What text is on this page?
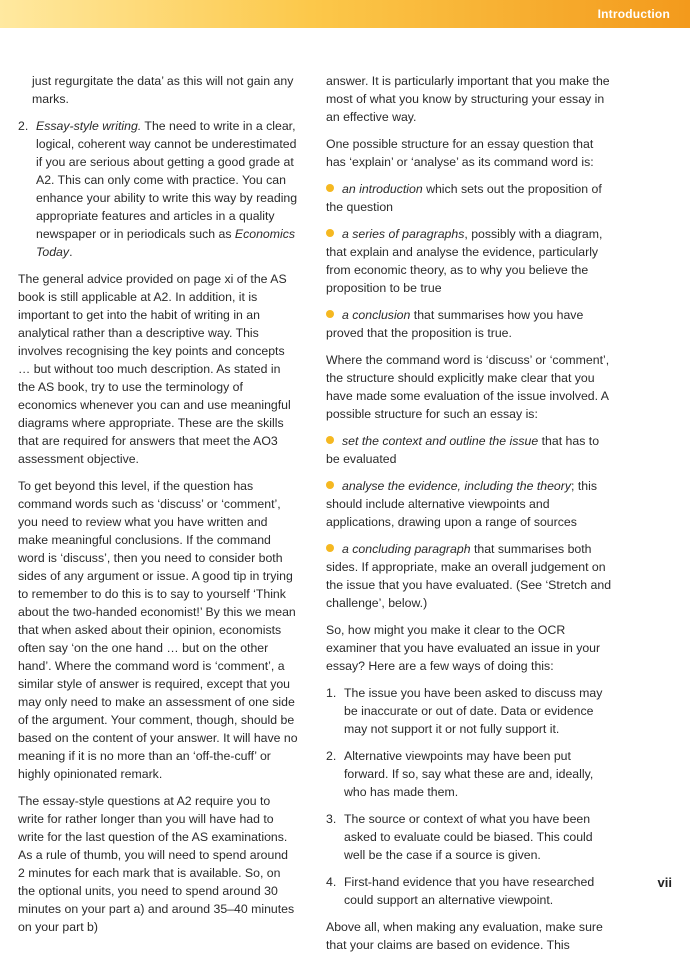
Introduction

just regurgitate the data’ as this will not gain any marks.

2. Essay-style writing. The need to write in a clear, logical, coherent way cannot be underestimated if you are serious about getting a good grade at A2. This can only come with practice. You can enhance your ability to write this way by reading appropriate features and articles in a quality newspaper or in periodicals such as Economics Today.

The general advice provided on page xi of the AS book is still applicable at A2. In addition, it is important to get into the habit of writing in an analytical rather than a descriptive way. This involves recognising the key points and concepts … but without too much description. As stated in the AS book, try to use the terminology of economics whenever you can and use meaningful diagrams where appropriate. These are the skills that are required for answers that meet the AO3 assessment objective.

To get beyond this level, if the question has command words such as ‘discuss’ or ‘comment’, you need to review what you have written and make meaningful conclusions. If the command word is ‘discuss’, then you need to consider both sides of any argument or issue. A good tip in trying to remember to do this is to say to yourself ‘Think about the two-handed economist!’ By this we mean that when asked about their opinion, economists often say ‘on the one hand … but on the other hand’. Where the command word is ‘comment’, a similar style of answer is required, except that you may only need to make an assessment of one side of the argument. Your comment, though, should be based on the content of your answer. It will have no meaning if it is no more than an ‘off-the-cuff’ or highly opinionated remark.

The essay-style questions at A2 require you to write for rather longer than you will have had to write for the last question of the AS examinations. As a rule of thumb, you will need to spend around 2 minutes for each mark that is available. So, on the optional units, you need to spend around 30 minutes on your part a) and around 35–40 minutes on your part b)

answer. It is particularly important that you make the most of what you know by structuring your essay in an effective way.

One possible structure for an essay question that has ‘explain’ or ‘analyse’ as its command word is:

an introduction which sets out the proposition of the question
a series of paragraphs, possibly with a diagram, that explain and analyse the evidence, particularly from economic theory, as to why you believe the proposition to be true
a conclusion that summarises how you have proved that the proposition is true.

Where the command word is ‘discuss’ or ‘comment’, the structure should explicitly make clear that you have made some evaluation of the issue involved. A possible structure for such an essay is:

set the context and outline the issue that has to be evaluated
analyse the evidence, including the theory; this should include alternative viewpoints and applications, drawing upon a range of sources
a concluding paragraph that summarises both sides. If appropriate, make an overall judgement on the issue that you have evaluated. (See ‘Stretch and challenge’, below.)

So, how might you make it clear to the OCR examiner that you have evaluated an issue in your essay? Here are a few ways of doing this:

1. The issue you have been asked to discuss may be inaccurate or out of date. Data or evidence may not support it or not fully support it.
2. Alternative viewpoints may have been put forward. If so, say what these are and, ideally, who has made them.
3. The source or context of what you have been asked to evaluate could be biased. This could well be the case if a source is given.
4. First-hand evidence that you have researched could support an alternative viewpoint.

Above all, when making any evaluation, make sure that your claims are based on evidence. This

vii
